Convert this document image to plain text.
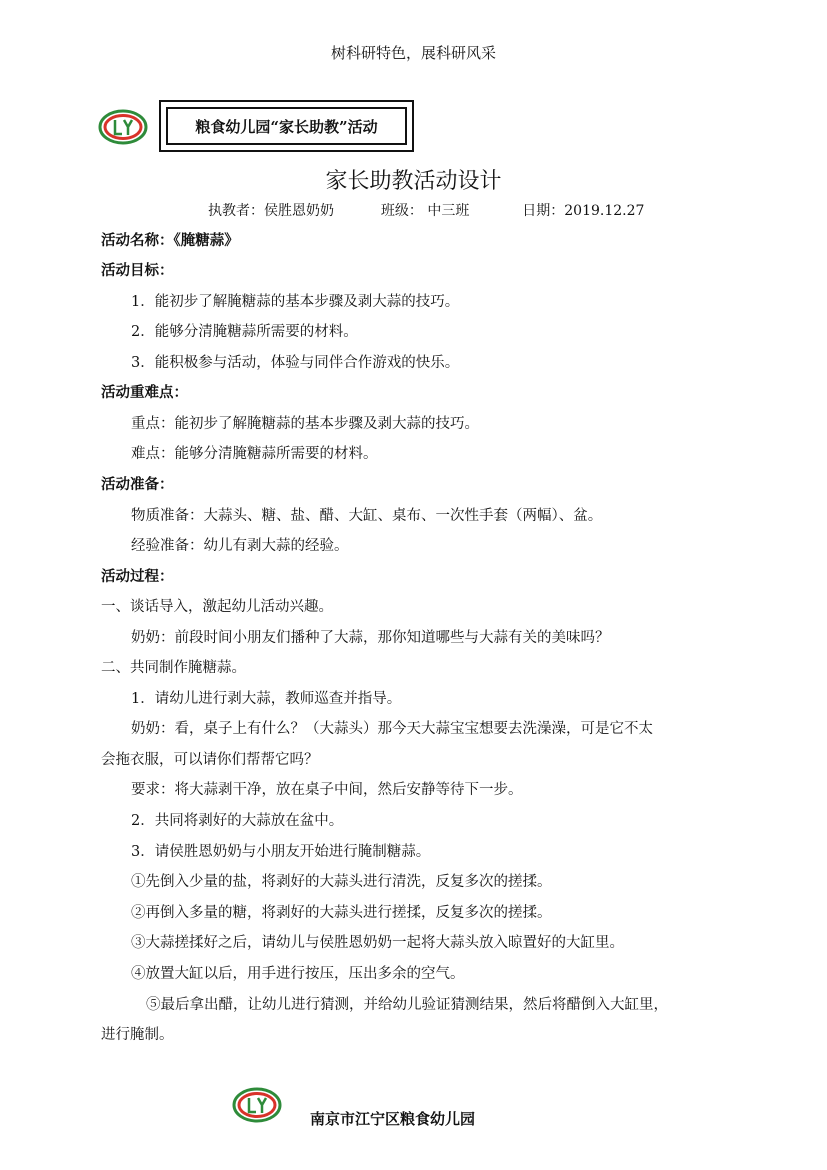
树科研特色，展科研风采
粮食幼儿园“家长助教”活动
家长助教活动设计
执教者：侯胜恩奶奶	班级： 中三班	日期：2019.12.27
活动名称：《腌糖蒜》
活动目标：
1．能初步了解腌糖蒜的基本步骤及剥大蒜的技巧。
2．能够分清腌糖蒜所需要的材料。
3．能积极参与活动，体验与同伴合作游戏的快乐。
活动重难点：
重点：能初步了解腌糖蒜的基本步骤及剥大蒜的技巧。
难点：能够分清腌糖蒜所需要的材料。
活动准备：
物质准备：大蒜头、糖、盐、醋、大缸、桌布、一次性手套（两幅）、盆。
经验准备：幼儿有剥大蒜的经验。
活动过程：
一、谈话导入，激起幼儿活动兴趣。
奶奶：前段时间小朋友们播种了大蒜，那你知道哪些与大蒜有关的美味吗？
二、共同制作腌糖蒜。
1．请幼儿进行剥大蒜，教师巡查并指导。
奶奶：看，桌子上有什么？（大蒜头）那今天大蒜宝宝想要去洗澡澡，可是它不太
会拖衣服，可以请你们帮帮它吗？
要求：将大蒜剥干净，放在桌子中间，然后安静等待下一步。
2．共同将剥好的大蒜放在盆中。
3．请侯胜恩奶奶与小朋友开始进行腌制糖蒜。
①先倒入少量的盐，将剥好的大蒜头进行清洗，反复多次的搓揉。
②再倒入多量的糖，将剥好的大蒜头进行搓揉，反复多次的搓揉。
③大蒜搓揉好之后，请幼儿与侯胜恩奶奶一起将大蒜头放入晾置好的大缸里。
④放置大缸以后，用手进行按压，压出多余的空气。
⑤最后拿出醋，让幼儿进行猜测，并给幼儿验证猜测结果，然后将醋倒入大缸里，
进行腌制。
南京市江宁区粮食幼儿园
